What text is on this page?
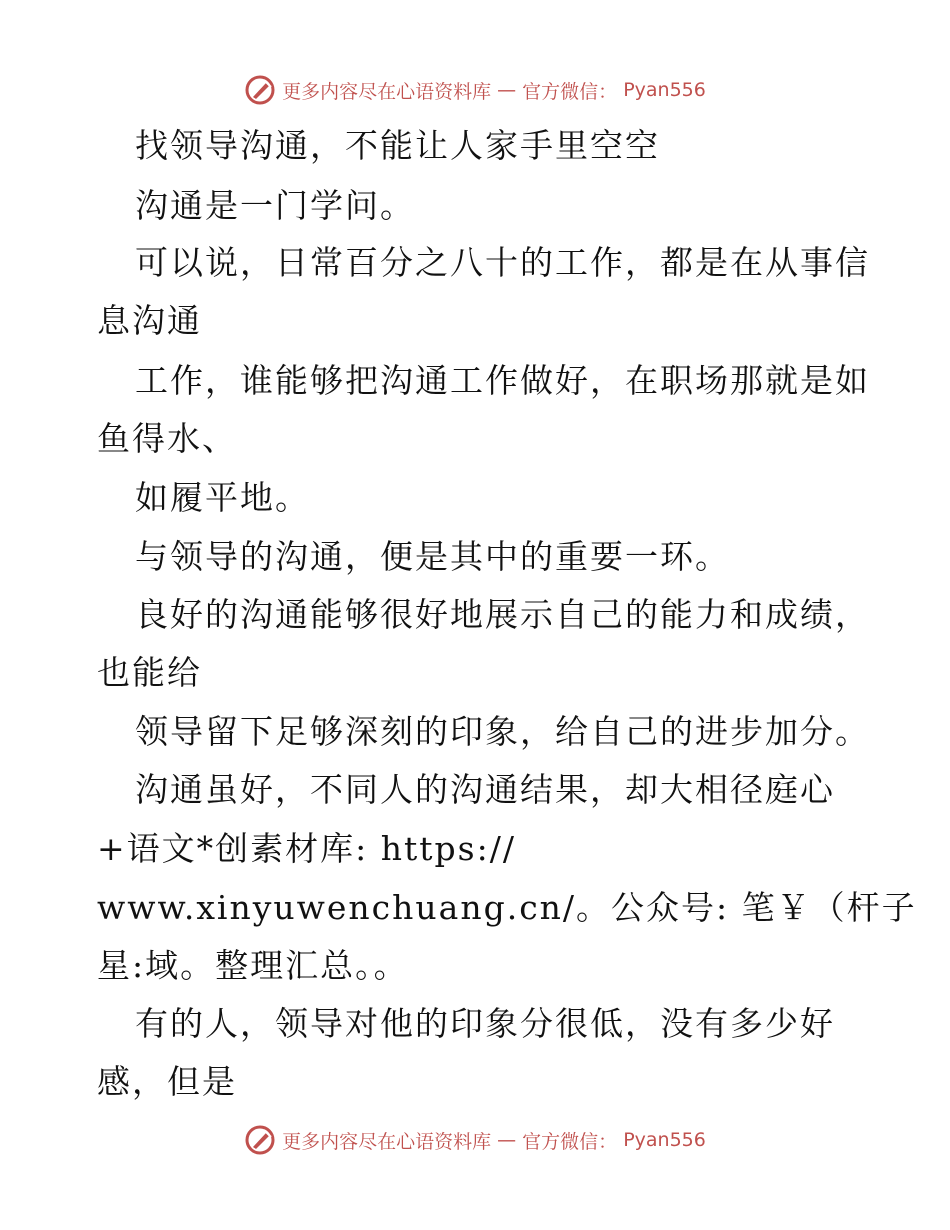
更多内容尽在心语资料库 — 官方微信： Pyan556
找领导沟通，不能让人家手里空空
沟通是一门学问。
可以说，日常百分之八十的工作，都是在从事信
息沟通
工作，谁能够把沟通工作做好，在职场那就是如
鱼得水、
如履平地。
与领导的沟通，便是其中的重要一环。
良好的沟通能够很好地展示自己的能力和成绩，
也能给
领导留下足够深刻的印象，给自己的进步加分。
沟通虽好，不同人的沟通结果，却大相径庭心
+语文*创素材库: https://
www.xinyuwenchuang.cn/。公众号: 笔￥（杆子
星:域。整理汇总。。
有的人，领导对他的印象分很低，没有多少好
感，但是
更多内容尽在心语资料库 — 官方微信： Pyan556
